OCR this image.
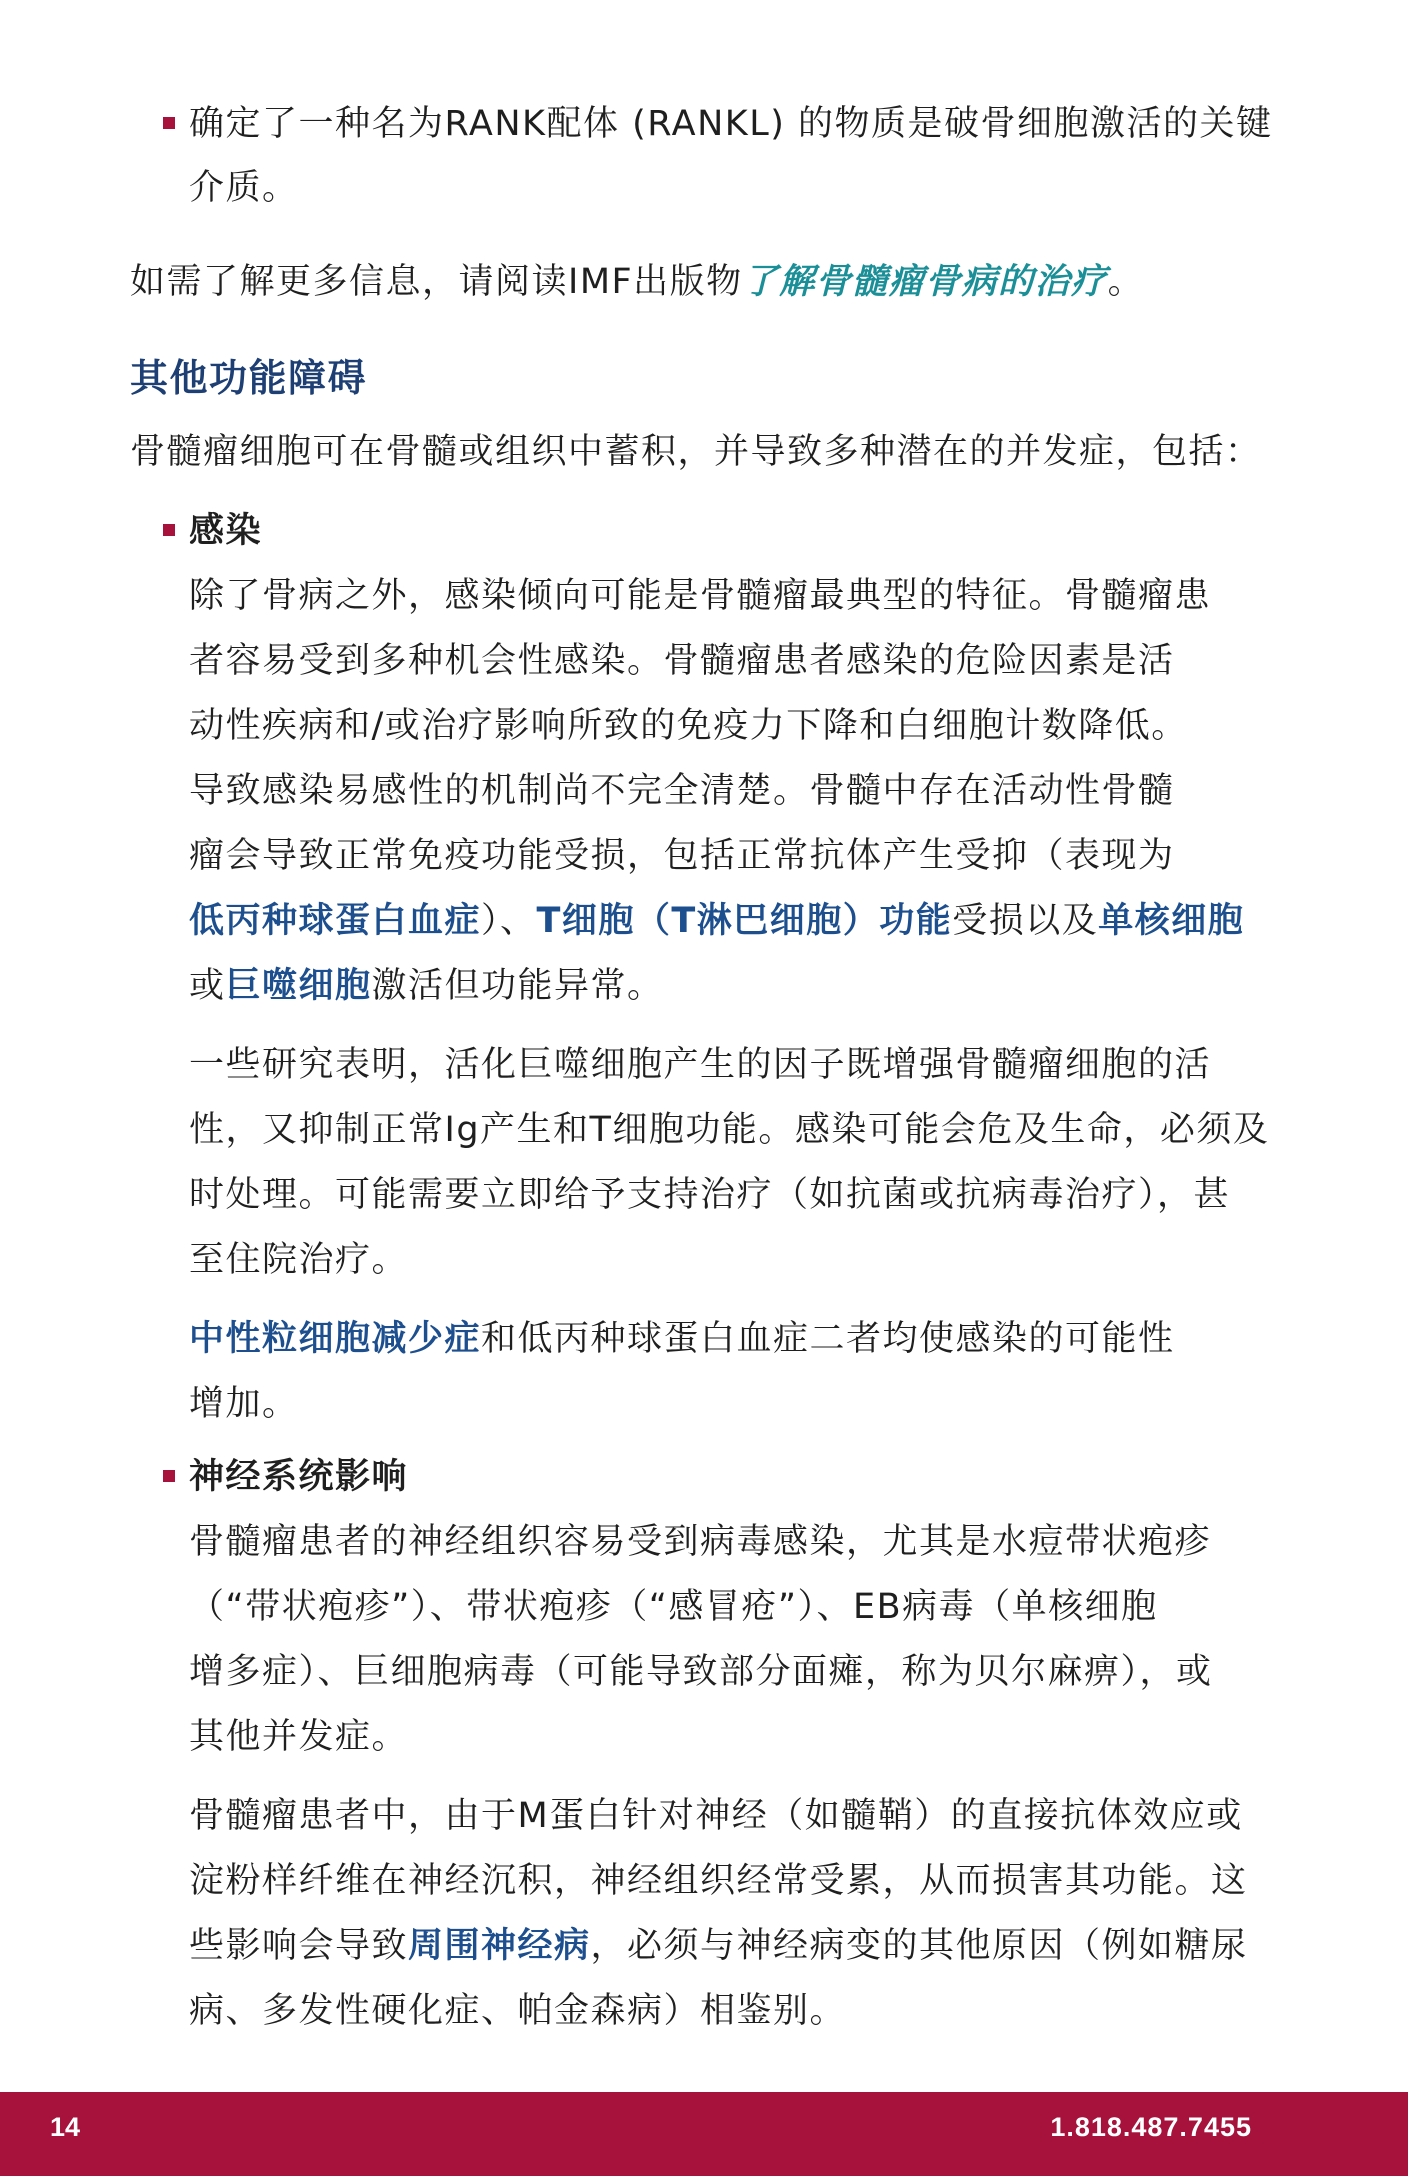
确定了一种名为RANK配体 (RANKL) 的物质是破骨细胞激活的关键
介质。
如需了解更多信息，请阅读IMF出版物了解骨髓瘤骨病的治疗。
其他功能障碍
骨髓瘤细胞可在骨髓或组织中蓄积，并导致多种潜在的并发症，包括：
感染
除了骨病之外，感染倾向可能是骨髓瘤最典型的特征。骨髓瘤患
者容易受到多种机会性感染。骨髓瘤患者感染的危险因素是活
动性疾病和/或治疗影响所致的免疫力下降和白细胞计数降低。
导致感染易感性的机制尚不完全清楚。骨髓中存在活动性骨髓
瘤会导致正常免疫功能受损，包括正常抗体产生受抑（表现为
低丙种球蛋白血症）、T细胞（T淋巴细胞）功能受损以及单核细胞
或巨噬细胞激活但功能异常。
一些研究表明，活化巨噬细胞产生的因子既增强骨髓瘤细胞的活
性，又抑制正常Ig产生和T细胞功能。感染可能会危及生命，必须及
时处理。可能需要立即给予支持治疗（如抗菌或抗病毒治疗），甚
至住院治疗。
中性粒细胞减少症和低丙种球蛋白血症二者均使感染的可能性
增加。
神经系统影响
骨髓瘤患者的神经组织容易受到病毒感染，尤其是水痘带状疱疹
（“带状疱疹”）、带状疱疹（“感冒疮”）、EB病毒（单核细胞
增多症）、巨细胞病毒（可能导致部分面瘫，称为贝尔麻痹），或
其他并发症。
骨髓瘤患者中，由于M蛋白针对神经（如髓鞘）的直接抗体效应或
淀粉样纤维在神经沉积，神经组织经常受累，从而损害其功能。这
些影响会导致周围神经病，必须与神经病变的其他原因（例如糖尿
病、多发性硬化症、帕金森病）相鉴别。
14	1.818.487.7455
